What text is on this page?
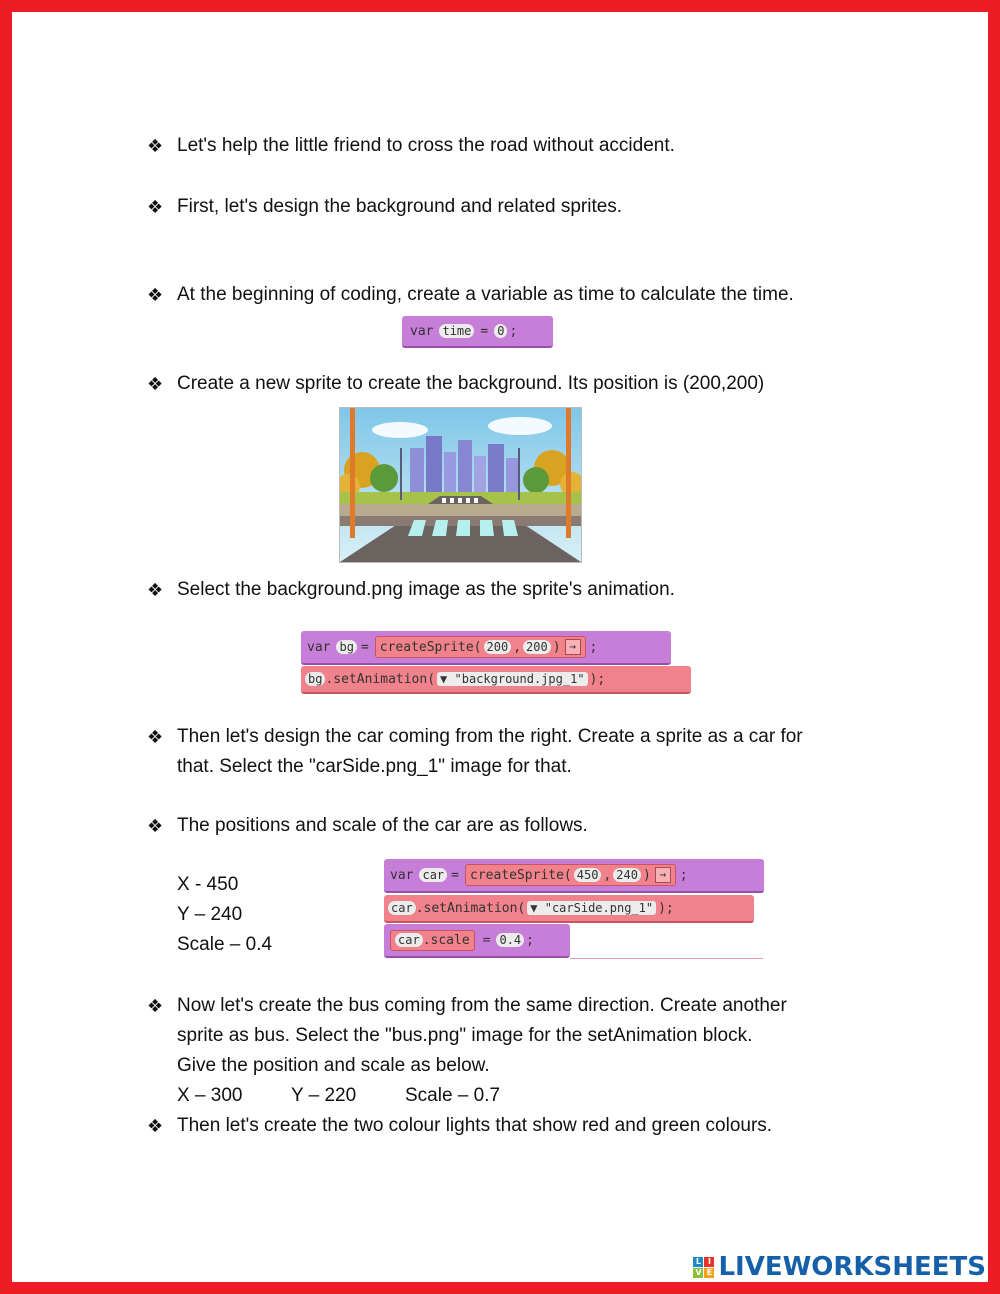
❖ Let's help the little friend to cross the road without accident.
❖ First, let's design the background and related sprites.
❖ At the beginning of coding, create a variable as time to calculate the time.
var time = 0 ;
❖ Create a new sprite to create the background. Its position is (200,200)
❖ Select the background.png image as the sprite's animation.
var bg = createSprite( 200 , 200 ) →	;
bg .setAnimation( ▼ "background.jpg_1" );
❖ Then let's design the car coming from the right. Create a sprite as a car for
that. Select the "carSide.png_1" image for that.
❖ The positions and scale of the car are as follows.
X - 450
Y – 240
Scale – 0.4
var car = createSprite( 450 , 240 ) →	;
car .setAnimation( ▼ "carSide.png_1" );
car .scale = 0.4 ;
❖ Now let's create the bus coming from the same direction. Create another
sprite as bus. Select the "bus.png" image for the setAnimation block.
Give the position and scale as below.
X – 300	Y – 220	Scale – 0.7
❖ Then let's create the two colour lights that show red and green colours.
L I
V E LIVEWORKSHEETS
